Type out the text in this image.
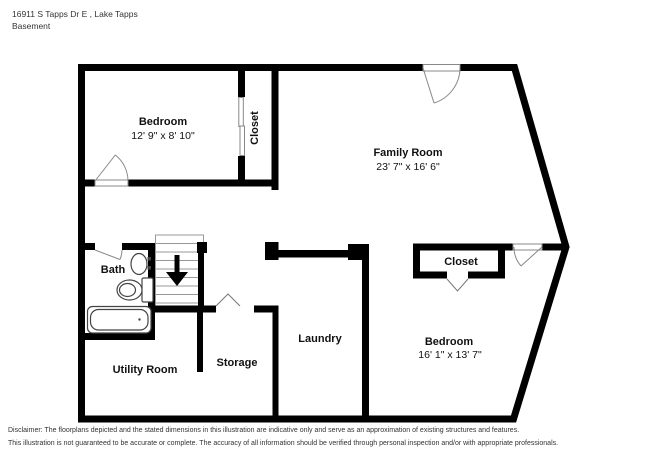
16911 S Tapps Dr E , Lake Tapps
Basement
Bedroom
12' 9" x 8' 10"	Closet
Family Room
23' 7" x 16' 6"
Bath
Closet
Bedroom
16' 1" x 13' 7"
Laundry
Storage
Utility Room
Disclaimer: The floorplans depicted and the stated dimensions in this illustration are indicative only and serve as an approximation of existing structures and features.
This illustration is not guaranteed to be accurate or complete. The accuracy of all information should be verified through personal inspection and/or with appropriate professionals.
